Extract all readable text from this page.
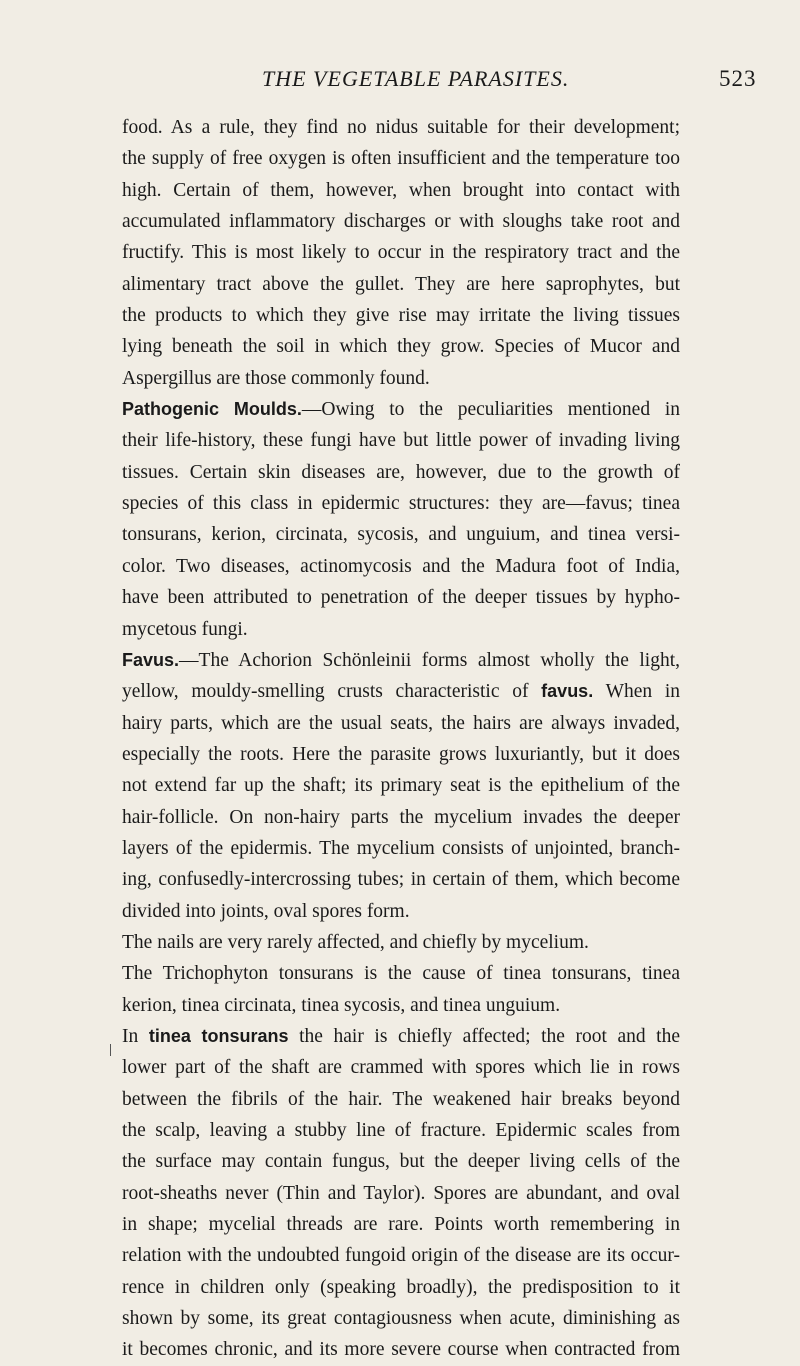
THE VEGETABLE PARASITES.	523
food. As a rule, they find no nidus suitable for their development;
the supply of free oxygen is often insufficient and the temperature too
high. Certain of them, however, when brought into contact with
accumulated inflammatory discharges or with sloughs take root and
fructify. This is most likely to occur in the respiratory tract and the
alimentary tract above the gullet. They are here saprophytes, but
the products to which they give rise may irritate the living tissues
lying beneath the soil in which they grow. Species of Mucor and
Aspergillus are those commonly found.
Pathogenic Moulds.—Owing to the peculiarities mentioned in
their life-history, these fungi have but little power of invading living
tissues. Certain skin diseases are, however, due to the growth of
species of this class in epidermic structures: they are—favus; tinea
tonsurans, kerion, circinata, sycosis, and unguium, and tinea versi-
color. Two diseases, actinomycosis and the Madura foot of India,
have been attributed to penetration of the deeper tissues by hypho-
mycetous fungi.
Favus.—The Achorion Schönleinii forms almost wholly the light,
yellow, mouldy-smelling crusts characteristic of favus. When in
hairy parts, which are the usual seats, the hairs are always invaded,
especially the roots. Here the parasite grows luxuriantly, but it does
not extend far up the shaft; its primary seat is the epithelium of the
hair-follicle. On non-hairy parts the mycelium invades the deeper
layers of the epidermis. The mycelium consists of unjointed, branch-
ing, confusedly-intercrossing tubes; in certain of them, which become
divided into joints, oval spores form.
The nails are very rarely affected, and chiefly by mycelium.
The Trichophyton tonsurans is the cause of tinea tonsurans, tinea
kerion, tinea circinata, tinea sycosis, and tinea unguium.
In tinea tonsurans the hair is chiefly affected; the root and the
lower part of the shaft are crammed with spores which lie in rows
between the fibrils of the hair. The weakened hair breaks beyond
the scalp, leaving a stubby line of fracture. Epidermic scales from
the surface may contain fungus, but the deeper living cells of the
root-sheaths never (Thin and Taylor). Spores are abundant, and oval
in shape; mycelial threads are rare. Points worth remembering in
relation with the undoubted fungoid origin of the disease are its occur-
rence in children only (speaking broadly), the predisposition to it
shown by some, its great contagiousness when acute, diminishing as
it becomes chronic, and its more severe course when contracted from
